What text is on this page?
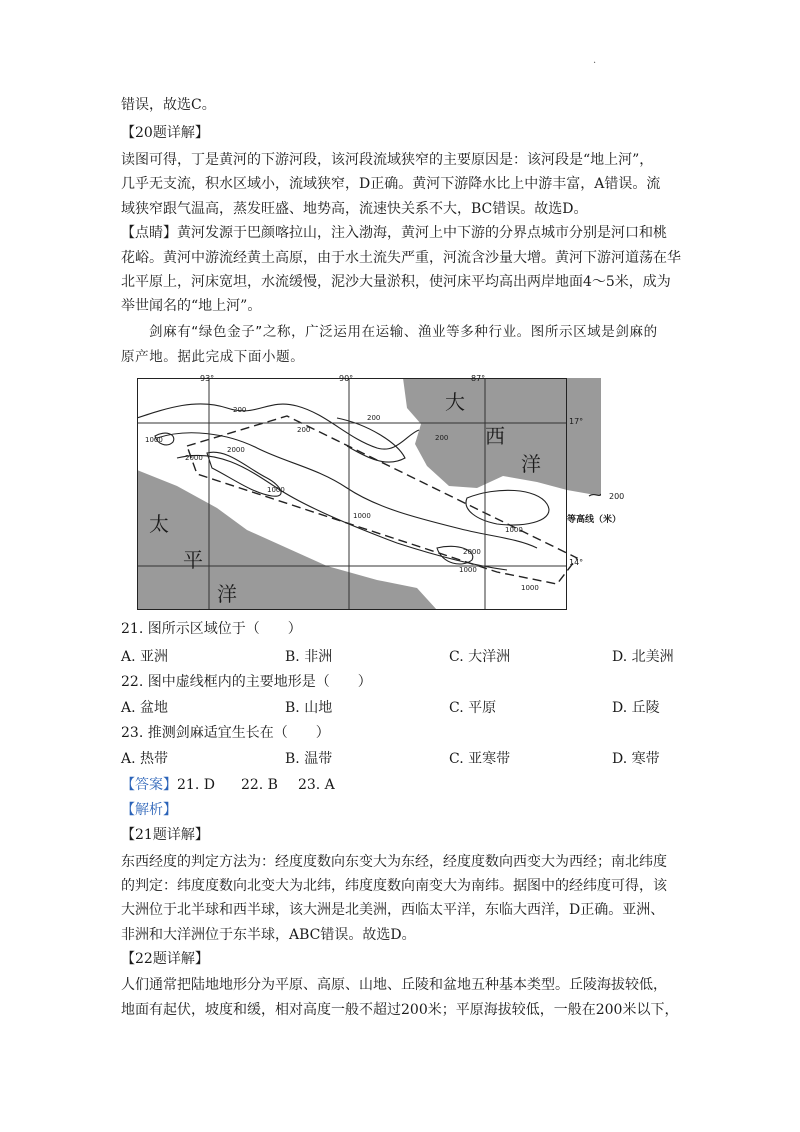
·
错误，故选C。
【20题详解】
读图可得，丁是黄河的下游河段，该河段流域狭窄的主要原因是：该河段是“地上河”，
几乎无支流，积水区域小，流域狭窄，D正确。黄河下游降水比上中游丰富，A错误。流
域狭窄跟气温高，蒸发旺盛、地势高，流速快关系不大，BC错误。故选D。
【点睛】黄河发源于巴颜喀拉山，注入渤海，黄河上中下游的分界点城市分别是河口和桃
花峪。黄河中游流经黄土高原，由于水土流失严重，河流含沙量大增。黄河下游河道荡在华
北平原上，河床宽坦，水流缓慢，泥沙大量淤积，使河床平均高出两岸地面4～5米，成为
举世闻名的“地上河”。
剑麻有“绿色金子”之称，广泛运用在运输、渔业等多种行业。图所示区域是剑麻的
原产地。据此完成下面小题。
93°	90°	87°
17°
14°
大
西
洋
太
平
洋
200
200
200
1000
2000
2000
1000
1000
1000
2000
1000
1000
200
200
等高线（米）
21. 图所示区域位于（　　）
A. 亚洲	B. 非洲	C. 大洋洲	D. 北美洲
22. 图中虚线框内的主要地形是（　　）
A. 盆地	B. 山地	C. 平原	D. 丘陵
23. 推测剑麻适宜生长在（　　）
A. 热带	B. 温带	C. 亚寒带	D. 寒带
【答案】21. D 22. B 23. A
【解析】
【21题详解】
东西经度的判定方法为：经度度数向东变大为东经，经度度数向西变大为西经；南北纬度
的判定：纬度度数向北变大为北纬，纬度度数向南变大为南纬。据图中的经纬度可得，该
大洲位于北半球和西半球，该大洲是北美洲，西临太平洋，东临大西洋，D正确。亚洲、
非洲和大洋洲位于东半球，ABC错误。故选D。
【22题详解】
人们通常把陆地地形分为平原、高原、山地、丘陵和盆地五种基本类型。丘陵海拔较低，
地面有起伏，坡度和缓，相对高度一般不超过200米；平原海拔较低，一般在200米以下，
